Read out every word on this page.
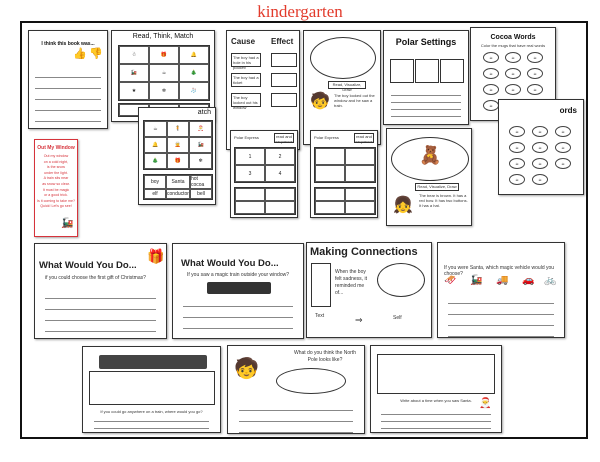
kindergarten
I think this book was...
👍 👎
Read, Think, Match
☃	🎁	🔔
🚂	☕	🎄
★	❄	🧦
atch
☕	🧍	🎅
🔔	🧝	🚂
🎄	🎁	❄
boy	Santa	hot cocoa
elf	conductor	bell
Out My Window
Out my window
on a cold night,
is the snow
under the light.
A train sits near
as snow so clear.
It must be magic
or a good trick.
Is it coming to take me?
Quick! Let's go see!
🚂
Cause Effect
The boy had a hole in his pocket!
The boy had a ticket
The boy looked out his window
Polar Express	read and sequence
1	2
3	4
Read, Visualize, Draw
The boy looked out the window and he saw a train.
🧒
Polar Express	read and sequence
Polar Settings
🧸
Read, Visualize, Draw
The bear is brown. It has a red bow. It has two buttons. It has a hat.
👧
Cocoa Words
Color the mugs that have real words
☕	☕	☕
☕	☕	☕
☕	☕	☕
☕
ords
☕	☕	☕
☕	☕	☕
☕	☕	☕
☕	☕
What Would You Do...
🎁
if you could choose the first gift of Christmas?
What Would You Do...
If you saw a magic train outside your window?
Making Connections
When the boy felt sadness, it reminded me of...
Text	⇒	Self
If you were Santa, which magic vehicle would you choose?
🛷 🚂 🚚 🚗 🚲
If you could go anywhere on a train, where would you go?
What do you think the North Pole looks like?
🧒
Write about a time when you saw Santa. 🎅
